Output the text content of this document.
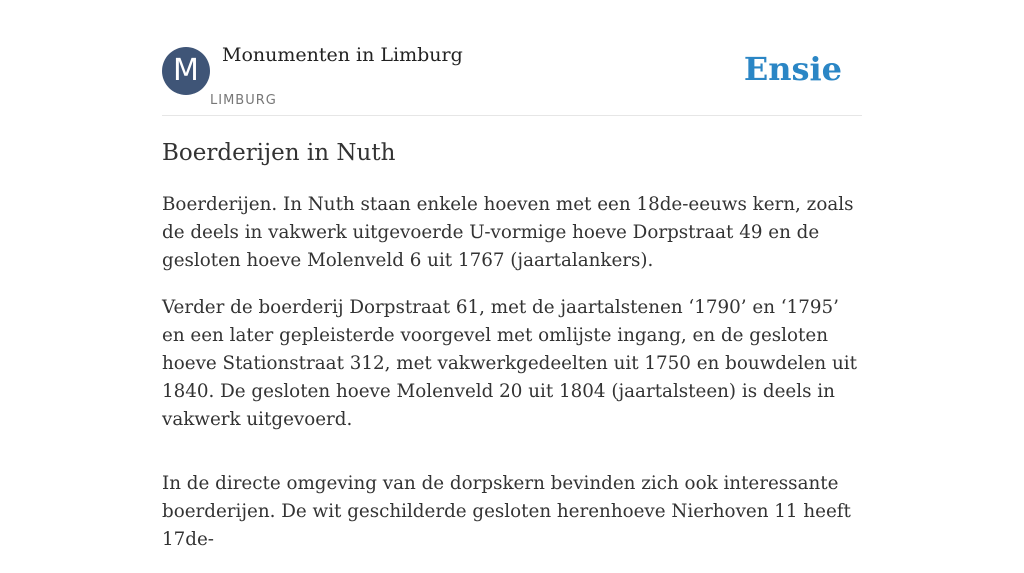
M	Monumenten in Limburg
LIMBURG
Ensie
Boerderijen in Nuth

Boerderijen. In Nuth staan enkele hoeven met een 18de-eeuws kern, zoals de deels in vakwerk uitgevoerde U-vormige hoeve Dorpstraat 49 en de gesloten hoeve Molenveld 6 uit 1767 (jaartalankers).

Verder de boerderij Dorpstraat 61, met de jaartalstenen ‘1790’ en ‘1795’ en een later gepleisterde voorgevel met omlijste ingang, en de gesloten hoeve Stationstraat 312, met vakwerkgedeelten uit 1750 en bouwdelen uit 1840. De gesloten hoeve Molenveld 20 uit 1804 (jaartalsteen) is deels in vakwerk uitgevoerd.

In de directe omgeving van de dorpskern bevinden zich ook interessante boerderijen. De wit geschilderde gesloten herenhoeve Nierhoven 11 heeft 17de-
